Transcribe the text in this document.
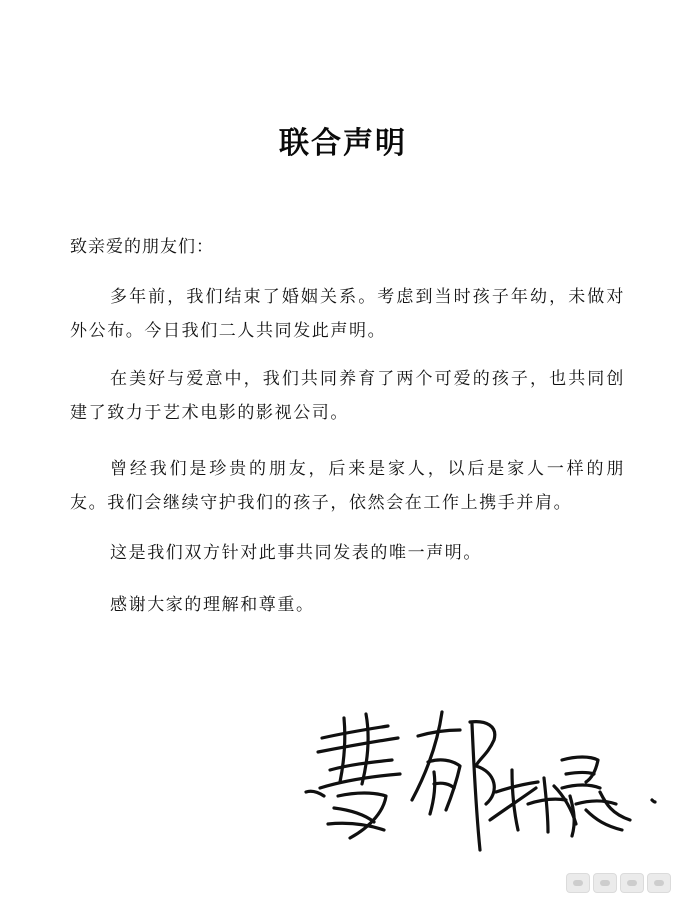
联合声明
致亲爱的朋友们：
多年前，我们结束了婚姻关系。考虑到当时孩子年幼，未做对外公布。今日我们二人共同发此声明。
在美好与爱意中，我们共同养育了两个可爱的孩子，也共同创建了致力于艺术电影的影视公司。
曾经我们是珍贵的朋友，后来是家人，以后是家人一样的朋友。我们会继续守护我们的孩子，依然会在工作上携手并肩。
这是我们双方针对此事共同发表的唯一声明。
感谢大家的理解和尊重。
